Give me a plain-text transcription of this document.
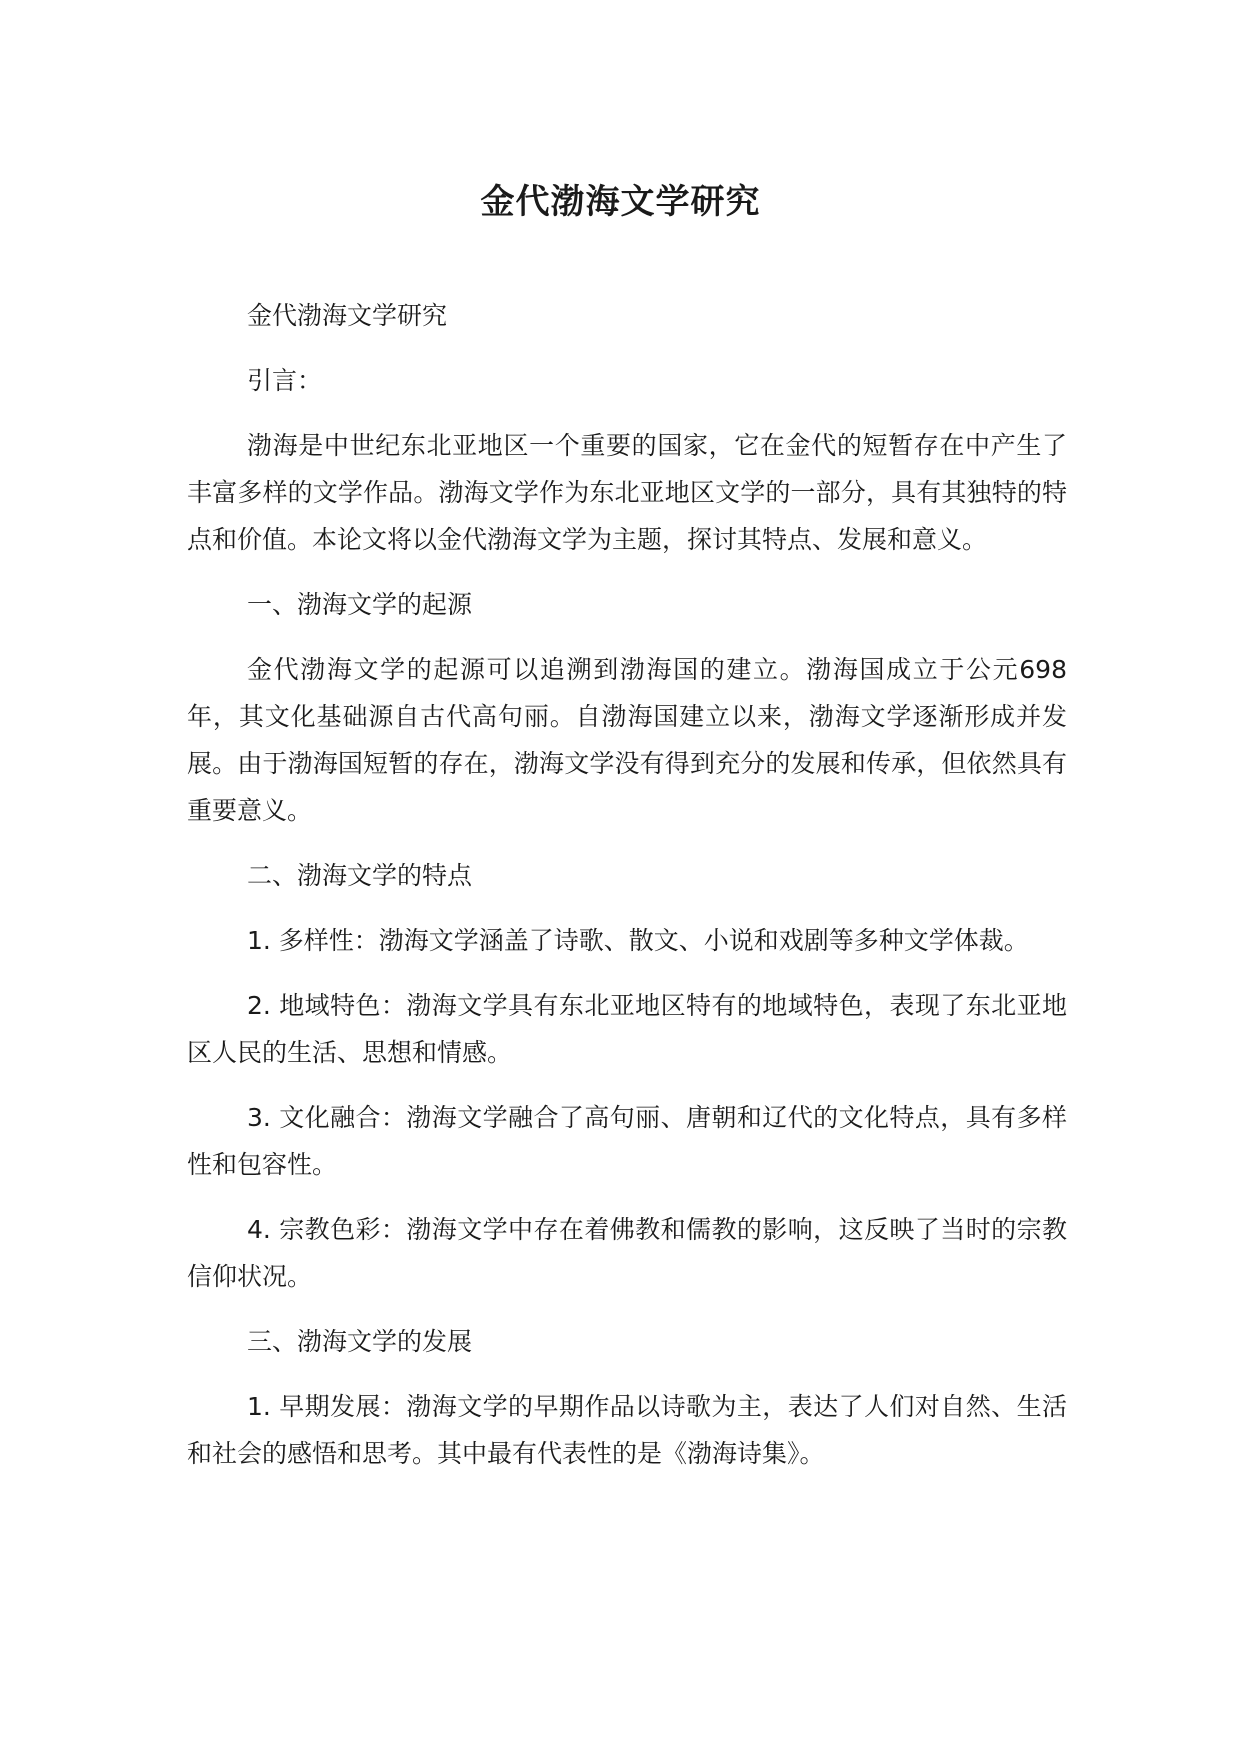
金代渤海文学研究

金代渤海文学研究

引言：

渤海是中世纪东北亚地区一个重要的国家，它在金代的短暂存在中产生了丰富多样的文学作品。渤海文学作为东北亚地区文学的一部分，具有其独特的特点和价值。本论文将以金代渤海文学为主题，探讨其特点、发展和意义。

一、渤海文学的起源

金代渤海文学的起源可以追溯到渤海国的建立。渤海国成立于公元698年，其文化基础源自古代高句丽。自渤海国建立以来，渤海文学逐渐形成并发展。由于渤海国短暂的存在，渤海文学没有得到充分的发展和传承，但依然具有重要意义。

二、渤海文学的特点

1. 多样性：渤海文学涵盖了诗歌、散文、小说和戏剧等多种文学体裁。

2. 地域特色：渤海文学具有东北亚地区特有的地域特色，表现了东北亚地区人民的生活、思想和情感。

3. 文化融合：渤海文学融合了高句丽、唐朝和辽代的文化特点，具有多样性和包容性。

4. 宗教色彩：渤海文学中存在着佛教和儒教的影响，这反映了当时的宗教信仰状况。

三、渤海文学的发展

1. 早期发展：渤海文学的早期作品以诗歌为主，表达了人们对自然、生活和社会的感悟和思考。其中最有代表性的是《渤海诗集》。
